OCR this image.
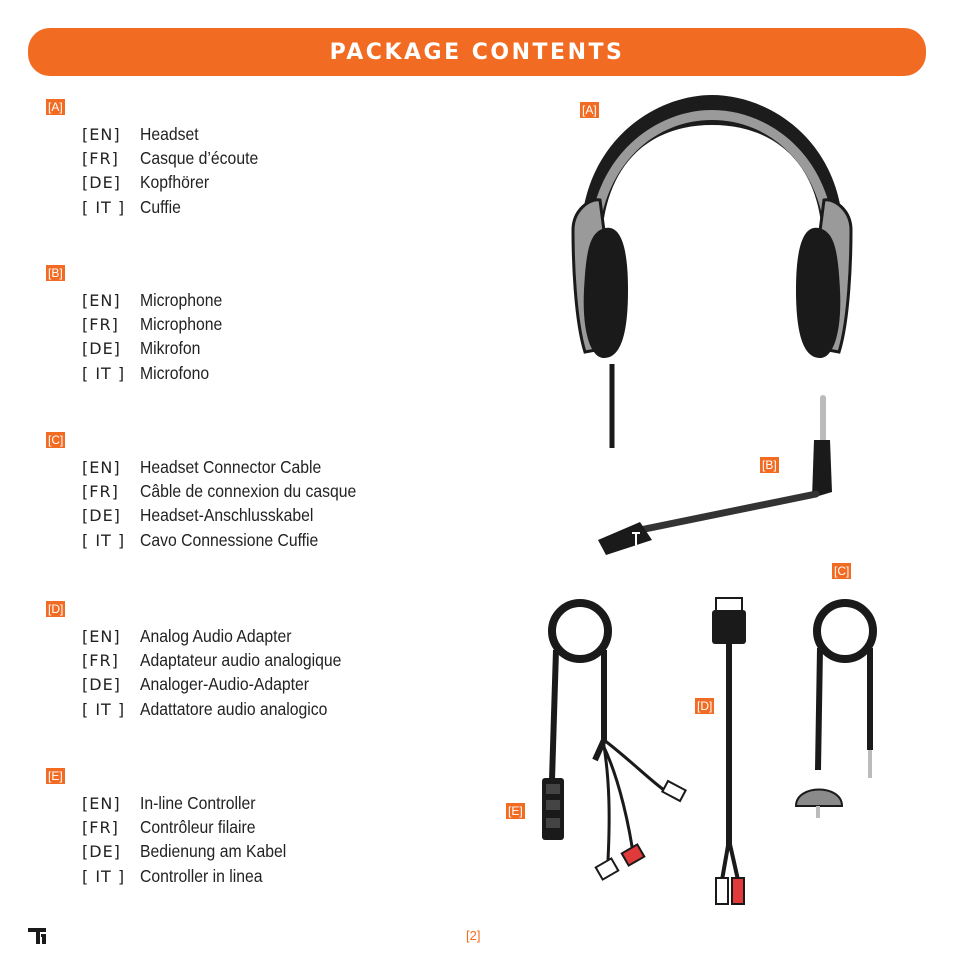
PACKAGE CONTENTS
[A]
[EN]	Headset
[FR]	Casque d’écoute
[DE]	Kopfhörer
[ IT ] Cuffie
[B]
[EN]	Microphone
[FR]	Microphone
[DE]	Mikrofon
[ IT ] Microfono
[C]
[EN]	Headset Connector Cable
[FR]	Câble de connexion du casque
[DE]	Headset-Anschlusskabel
[ IT ] Cavo Connessione Cuffie
[D]
[EN]	Analog Audio Adapter
[FR]	Adaptateur audio analogique
[DE]	Analoger-Audio-Adapter
[ IT ] Adattatore audio analogico
[E]
[EN]	In-line Controller
[FR]	Contrôleur filaire
[DE]	Bedienung am Kabel
[ IT ] Controller in linea
[A]
[B]
[C]
[D]
[E]
[2]
